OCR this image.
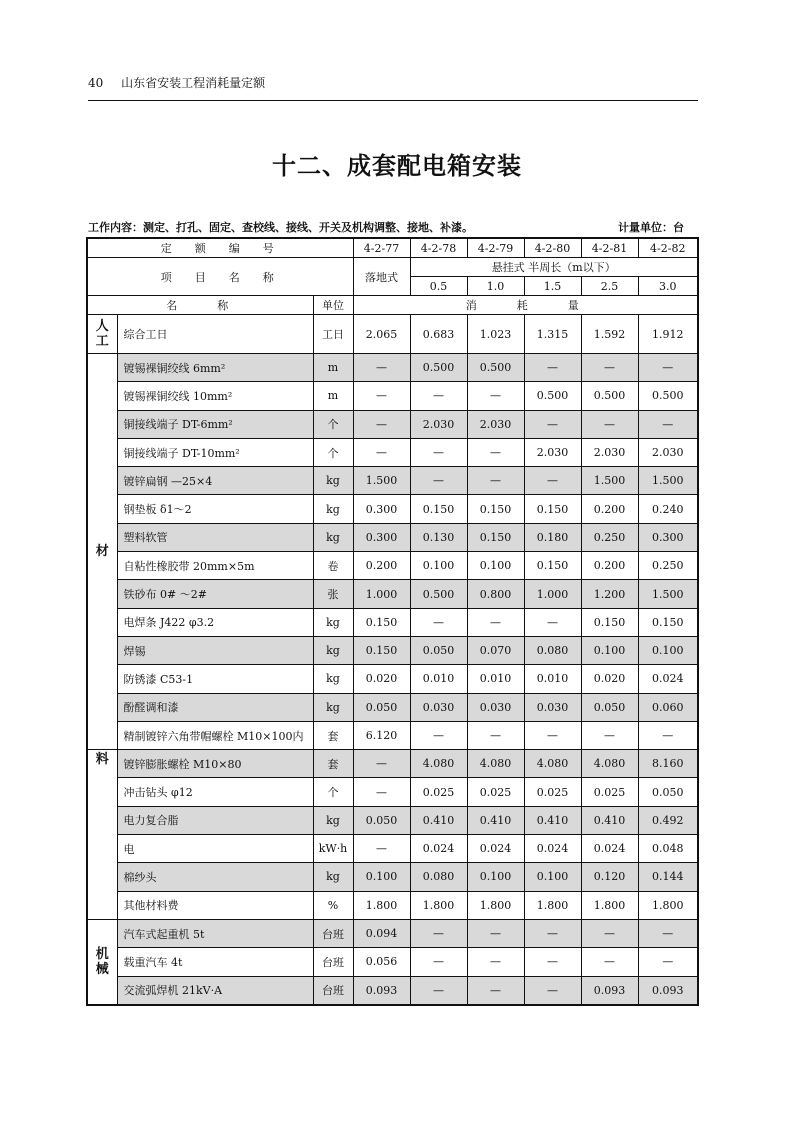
40 山东省安装工程消耗量定额
十二、成套配电箱安装
工作内容：测定、打孔、固定、查校线、接线、开关及机构调整、接地、补漆。	计量单位：台
定　额　编　号			4-2-77	4-2-78	4-2-79	4-2-80	4-2-81	4-2-82
项　目　名　称			落地式	悬挂式 半周长（m以下）				
				0.5	1.0	1.5	2.5	3.0
名　　称		单位	消　　耗　　量					
人工	综合工日	工日	2.065	0.683	1.023	1.315	1.592	1.912
材	镀锡裸铜绞线 6mm²	m	—	0.500	0.500	—	—	—
	镀锡裸铜绞线 10mm²	m	—	—	—	0.500	0.500	0.500
	铜接线端子 DT-6mm²	个	—	2.030	2.030	—	—	—
	铜接线端子 DT-10mm²	个	—	—	—	2.030	2.030	2.030
	镀锌扁钢 —25×4	kg	1.500	—	—	—	1.500	1.500
	钢垫板 δ1～2	kg	0.300	0.150	0.150	0.150	0.200	0.240
	塑料软管	kg	0.300	0.130	0.150	0.180	0.250	0.300
	自粘性橡胶带 20mm×5m	卷	0.200	0.100	0.100	0.150	0.200	0.250
	铁砂布 0# ～2#	张	1.000	0.500	0.800	1.000	1.200	1.500
	电焊条 J422 φ3.2	kg	0.150	—	—	—	0.150	0.150
	焊锡	kg	0.150	0.050	0.070	0.080	0.100	0.100
	防锈漆 C53-1	kg	0.020	0.010	0.010	0.010	0.020	0.024
	酚醛调和漆	kg	0.050	0.030	0.030	0.030	0.050	0.060
	精制镀锌六角带帽螺栓 M10×100内	套	6.120	—	—	—	—	—
料	镀锌膨胀螺栓 M10×80	套	—	4.080	4.080	4.080	4.080	8.160
	冲击钻头 φ12	个	—	0.025	0.025	0.025	0.025	0.050
	电力复合脂	kg	0.050	0.410	0.410	0.410	0.410	0.492
	电	kW·h	—	0.024	0.024	0.024	0.024	0.048
	棉纱头	kg	0.100	0.080	0.100	0.100	0.120	0.144
	其他材料费	%	1.800	1.800	1.800	1.800	1.800	1.800
机械	汽车式起重机 5t	台班	0.094	—	—	—	—	—
	载重汽车 4t	台班	0.056	—	—	—	—	—
	交流弧焊机 21kV·A	台班	0.093	—	—	—	0.093	0.093
